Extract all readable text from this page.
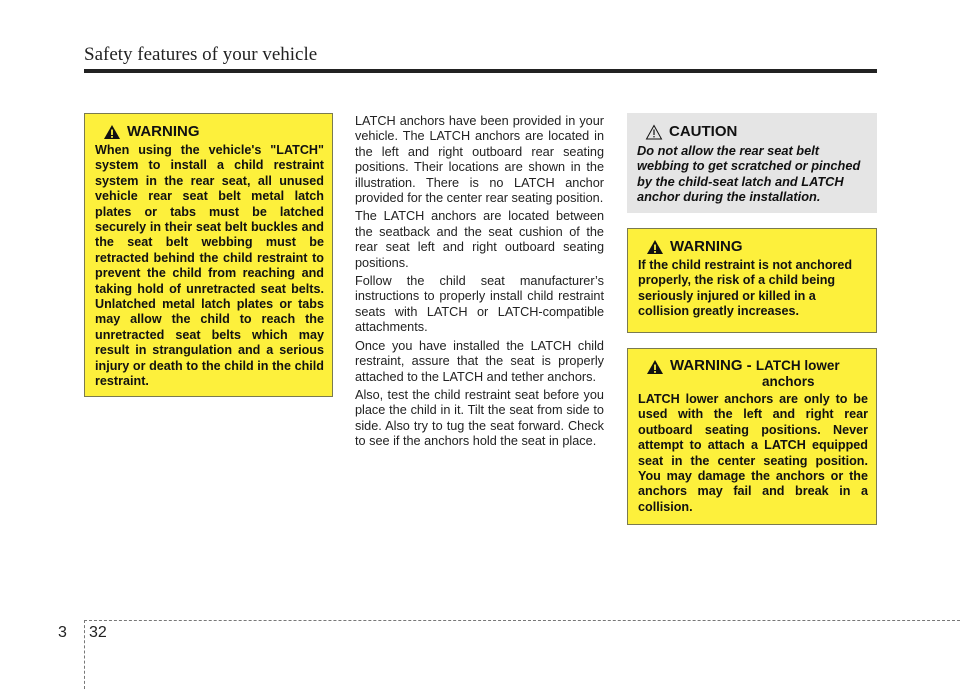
Safety features of your vehicle
WARNING
When using the vehicle's "LATCH" system to install a child restraint system in the rear seat, all unused vehicle rear seat belt metal latch plates or tabs must be latched securely in their seat belt buckles and the seat belt webbing must be retracted behind the child restraint to prevent the child from reaching and taking hold of unretracted seat belts. Unlatched metal latch plates or tabs may allow the child to reach the unretracted seat belts which may result in strangulation and a serious injury or death to the child in the child restraint.

LATCH anchors have been provided in your vehicle. The LATCH anchors are located in the left and right outboard rear seating positions. Their locations are shown in the illustration. There is no LATCH anchor provided for the center rear seating position.

The LATCH anchors are located between the seatback and the seat cushion of the rear seat left and right outboard seating positions.

Follow the child seat manufacturer’s instructions to properly install child restraint seats with LATCH or LATCH-compatible attachments.

Once you have installed the LATCH child restraint, assure that the seat is properly attached to the LATCH and tether anchors.

Also, test the child restraint seat before you place the child in it. Tilt the seat from side to side. Also try to tug the seat forward. Check to see if the anchors hold the seat in place.

CAUTION
Do not allow the rear seat belt webbing to get scratched or pinched by the child-seat latch and LATCH anchor during the installation.
WARNING
If the child restraint is not anchored properly, the risk of a child being seriously injured or killed in a collision greatly increases.
WARNING - LATCH lower
anchors
LATCH lower anchors are only to be used with the left and right rear outboard seating positions. Never attempt to attach a LATCH equipped seat in the center seating position. You may damage the anchors or the anchors may fail and break in a collision.
3 32
